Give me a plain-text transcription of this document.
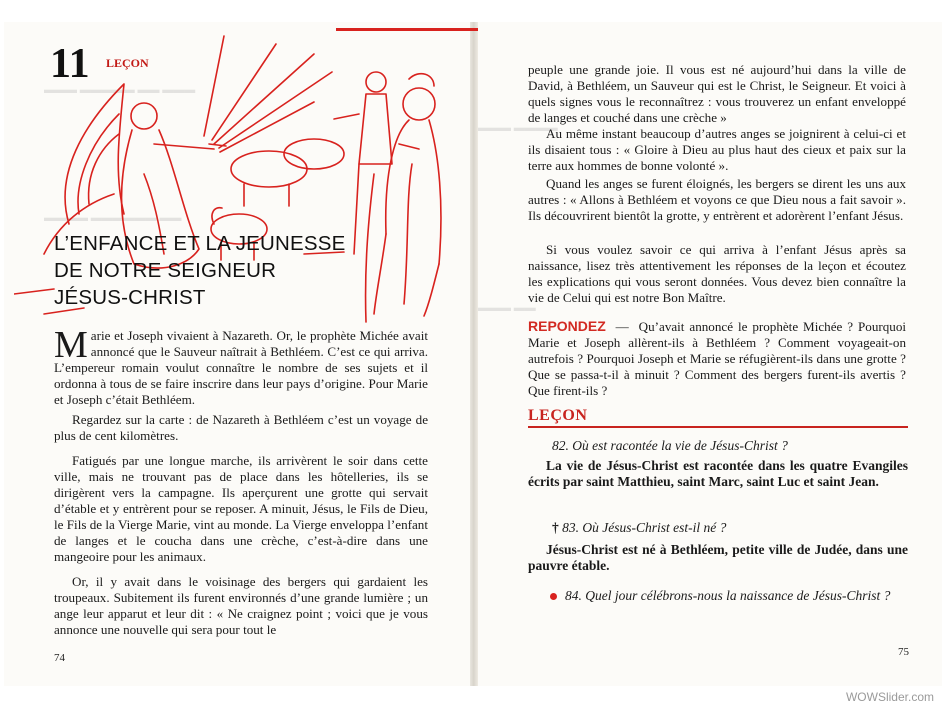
▬▬▬ ▬▬▬▬▬ ▬▬ ▬▬▬
▬▬▬▬ ▬▬▬▬▬▬ ▬▬
11 LEÇON
L’ENFANCE ET LA JEUNESSE
DE NOTRE SEIGNEUR
JÉSUS-CHRIST

Marie et Joseph vivaient à Nazareth. Or, le prophète Michée avait annoncé que le Sauveur naîtrait à Bethléem. C’est ce qui arriva. L’empereur romain voulut connaître le nombre de ses sujets et il ordonna à tous de se faire inscrire dans leur pays d’origine. Pour Marie et Joseph c’était Bethléem.

Regardez sur la carte : de Nazareth à Bethléem c’est un voyage de plus de cent kilomètres.

Fatigués par une longue marche, ils arrivèrent le soir dans cette ville, mais ne trouvant pas de place dans les hôtelleries, ils se dirigèrent vers la campagne. Ils aperçurent une grotte qui servait d’étable et y entrèrent pour se reposer. A minuit, Jésus, le Fils de Dieu, le Fils de la Vierge Marie, vint au monde. La Vierge enveloppa l’enfant de langes et le coucha dans une crèche, c’est-à-dire dans une mangeoire pour les animaux.

Or, il y avait dans le voisinage des bergers qui gardaient les troupeaux. Subitement ils furent environnés d’une grande lumière ; un ange leur apparut et leur dit : « Ne craignez point ; voici que je vous annonce une nouvelle qui sera pour tout le

74
▬▬▬ ▬▬▬▬
▬▬▬ ▬▬

peuple une grande joie. Il vous est né aujourd’hui dans la ville de David, à Bethléem, un Sauveur qui est le Christ, le Seigneur. Et voici à quels signes vous le reconnaîtrez : vous trouverez un enfant enveloppé de langes et couché dans une crèche »

Au même instant beaucoup d’autres anges se joignirent à celui-ci et ils disaient tous : « Gloire à Dieu au plus haut des cieux et paix sur la terre aux hommes de bonne volonté ».

Quand les anges se furent éloignés, les bergers se dirent les uns aux autres : « Allons à Bethléem et voyons ce que Dieu nous a fait savoir ». Ils découvrirent bientôt la grotte, y entrèrent et adorèrent l’enfant Jésus.

Si vous voulez savoir ce qui arriva à l’enfant Jésus après sa naissance, lisez très attentivement les réponses de la leçon et écoutez les explications qui vous seront données. Vous devez bien connaître la vie de Celui qui est notre Bon Maître.

REPONDEZ — Qu’avait annoncé le prophète Michée ? Pourquoi Marie et Joseph allèrent-ils à Bethléem ? Comment voyageait-on autrefois ? Pourquoi Joseph et Marie se réfugièrent-ils dans une grotte ? Que se passa-t-il à minuit ? Comment des bergers furent-ils avertis ? Que firent-ils ?

LEÇON

82. Où est racontée la vie de Jésus-Christ ?

La vie de Jésus-Christ est racontée dans les quatre Evangiles écrits par saint Matthieu, saint Marc, saint Luc et saint Jean.

† 83. Où Jésus-Christ est-il né ?

Jésus-Christ est né à Bethléem, petite ville de Judée, dans une pauvre étable.

84. Quel jour célébrons-nous la naissance de Jésus-Christ ?

75
WOWSlider.com
